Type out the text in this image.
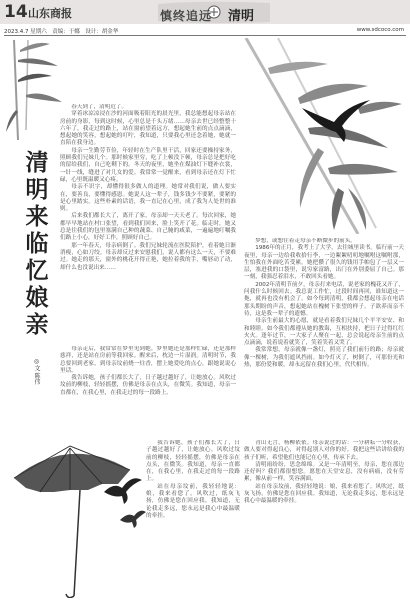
14 山东商报	慎终追远 清明
2023.4.7 星期六　责编：于娜　设计：胡金华	www.sdcoco.com
清明来临忆娘亲
◎文 陈伟

春天到了，清明近了。

穿着冰凉凉浸在沙的河面吸着阳光的晨光里，我总能想起母亲站在房前的身影，每到这时候，心里总是千头万绪……母亲去世已经整整十六年了，我走过的路上，站在窗前望着远方，想起她生前的点点滴滴，想起她的笑容，想起她的叮咛，我知道，只要我心里还念着她，她就一直陪在我身边。

母亲一生勤劳节俭，年轻时在生产队里干活，回家还要操持家务，照顾我们兄妹几个。那时候家里穷，吃了上顿没下顿，母亲总是把好吃的留给我们，自己吃剩下的。冬天的夜里，她坐在煤油灯下缝补衣裳，一针一线，缝进了对儿女的爱。我常常一觉醒来，看到母亲还在灯下忙碌，心里既温暖又心疼。

母亲不识字，却懂得很多做人的道理。她常对我们说，做人要实在，要善良，要懂得感恩。她说人这一辈子，钱多钱少不要紧，要紧的是心里踏实。这些朴素的话语，我一直记在心里，成了我为人处世的准则。

后来我们都长大了，离开了家，母亲却一天天老了。每次回家，她都早早地站在村口张望，看到我们回来，脸上笑开了花。临走时，她又总是往我们的包里塞满自己种的蔬菜、自己腌的咸菜，一遍遍地叮嘱我们路上小心，好好工作，照顾好自己。

那一年春天，母亲病倒了。我们兄妹轮流在医院陪护，看着她日渐消瘦，心如刀绞。母亲却反过来安慰我们，说人都有这么一天，不要难过。她走的那天，窗外的桃花开得正艳，她拉着我的手，嘴唇动了动，却什么也没说出来……

母亲走后，我常常在梦里见到她。梦里她还是那样忙碌，还是那样慈祥，还是站在房前等我回家。醒来后，枕边一片湿润。清明时节，我总要回到老家，到母亲坟前烧一炷香，摆上她爱吃的点心，跟她说说心里话。

我告诉她，孩子们都长大了，日子越过越好了，让她放心。风吹过坟前的柳枝，轻轻摇摆，仿佛是母亲在点头，在微笑。我知道，母亲一直都在，在我心里，在我走过的每一段路上。

我告诉她，孩子们都长大了，日子越过越好了，让她放心。风吹过坟前的柳枝，轻轻摇摆，仿佛是母亲在点头，在微笑。我知道，母亲一直都在，在我心里，在我走过的每一段路上。

站在母亲坟前，我轻轻地说：娘，我来看您了。风吹过，纸灰飞扬，仿佛是您在回应我。我知道，无论我走多远，您永远是我心中最温暖的牵挂。

梦想，或想往着走母亲不断微步的前头。

1986年的正月，我考上了大学，去往城里读书。临行前一天夜里，母亲一边给我收拾行李，一边絮絮叨叨地嘱咐这嘱咐那，生怕我在外面吃苦受累。她把攒了很久的钱用手帕包了一层又一层，塞进我的口袋里，说穷家富路，出门在外别委屈了自己。那一刻，我强忍着泪水，不敢回头看她。

2002年清明节前夕，母亲打来电话，说老家的槐花又开了，问我什么时候回去。我总说工作忙，过段时间再回，谁知道这一拖，就再也没有机会了。如今每到清明，我都会想起母亲在电话那头期盼的声音，想起她站在槐树下张望的样子。子欲养而亲不待，这是我一辈子的遗憾。

母亲生前最大的心愿，就是看着我们兄妹几个平平安安、和和睦睦。如今我们都遵从她的教诲，互相扶持，把日子过得红红火火。逢年过节，一大家子人聚在一起，总会说起母亲生前的点点滴滴，说着说着就笑了，笑着笑着又哭了。

我常常想，母亲就像一盏灯，照亮了我们前行的路；母亲就像一棵树，为我们遮风挡雨。如今灯灭了，树倒了，可那份光和热，那份爱和暖，却永远留在我们心里，代代相传。

青山无言，杨柳依依。母亲说过的话：一分耕耘一分收获，做人要对得起良心，对得起别人对你的好。我把这些话讲给我的孩子们听，希望他们也能记在心里，传承下去。

清明雨纷纷，思念绵绵。又是一年清明至，母亲，您在那边还好吗？我们都很想您。愿您在天堂安息，没有病痛，没有劳累，像从前一样，笑容满面。

站在母亲坟前，我轻轻地说：娘，我来看您了。风吹过，纸灰飞扬，仿佛是您在回应我。我知道，无论我走多远，您永远是我心中最温暖的牵挂。
